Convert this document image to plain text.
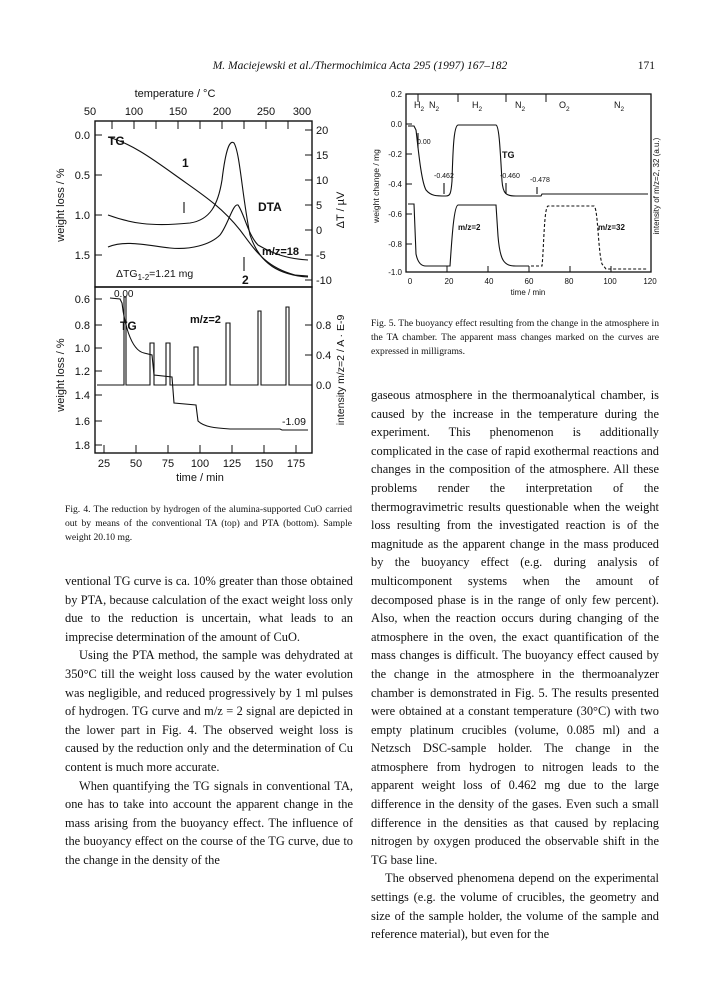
M. Maciejewski et al./Thermochimica Acta 295 (1997) 167–182	171
temperature / °C
50	100 150 200 250 300
0.0
0.5
1.0
1.5
20
15
10
5
0
-5
-10
weight loss / %	ΔT / µV
TG
1
DTA
m/z=18
2
$\Delta TG_{1-2}=1.21$ mg
0.6
0.8
1.0
1.2
1.4
1.6
1.8
0.8
0.4
0.0
25 50 75 100 125 150 175
time / min
weight loss / %	intensity m/z=2 / A · E-9
0.00
TG	m/z=2
-1.09
Fig. 4. The reduction by hydrogen of the alumina-supported CuO carried out by means of the conventional TA (top) and PTA (bottom). Sample weight 20.10 mg.
0.2
0.0
-0.2
-0.4
-0.6
-0.8
-1.0
0	20	40	60	80	100	120
time / min
weight change / mg	intensity of m/z=2, 32 (a.u.)
$H_2$ $N_2$	$H_2$	$N_2$	$O_2$	$N_2$
0.00
-0.462	-0.460
-0.478
TG
m/z=2	m/z=32
Fig. 5. The buoyancy effect resulting from the change in the atmosphere in the TA chamber. The apparent mass changes marked on the curves are expressed in milligrams.

ventional TG curve is ca. 10% greater than those obtained by PTA, because calculation of the exact weight loss only due to the reduction is uncertain, what leads to an imprecise determination of the amount of CuO.

Using the PTA method, the sample was dehydrated at 350°C till the weight loss caused by the water evolution was negligible, and reduced progressively by 1 ml pulses of hydrogen. TG curve and m/z = 2 signal are depicted in the lower part in Fig. 4. The observed weight loss is caused by the reduction only and the determination of Cu content is much more accurate.

When quantifying the TG signals in conventional TA, one has to take into account the apparent change in the mass arising from the buoyancy effect. The influence of the buoyancy effect on the course of the TG curve, due to the change in the density of the

gaseous atmosphere in the thermoanalytical chamber, is caused by the increase in the temperature during the experiment. This phenomenon is additionally complicated in the case of rapid exothermal reactions and changes in the composition of the atmosphere. All these problems render the interpretation of the thermogravimetric results questionable when the weight loss resulting from the investigated reaction is of the magnitude as the apparent change in the mass produced by the buoyancy effect (e.g. during analysis of multicomponent systems when the amount of decomposed phase is in the range of only few percent). Also, when the reaction occurs during changing of the atmosphere in the oven, the exact quantification of the mass changes is difficult. The buoyancy effect caused by the change in the atmosphere in the thermoanalyzer chamber is demonstrated in Fig. 5. The results presented were obtained at a constant temperature (30°C) with two empty platinum crucibles (volume, 0.085 ml) and a Netzsch DSC-sample holder. The change in the atmosphere from hydrogen to nitrogen leads to the apparent weight loss of 0.462 mg due to the large difference in the density of the gases. Even such a small difference in the densities as that caused by replacing nitrogen by oxygen produced the observable shift in the TG base line.

The observed phenomena depend on the experimental settings (e.g. the volume of crucibles, the geometry and size of the sample holder, the volume of the sample and reference material), but even for the
